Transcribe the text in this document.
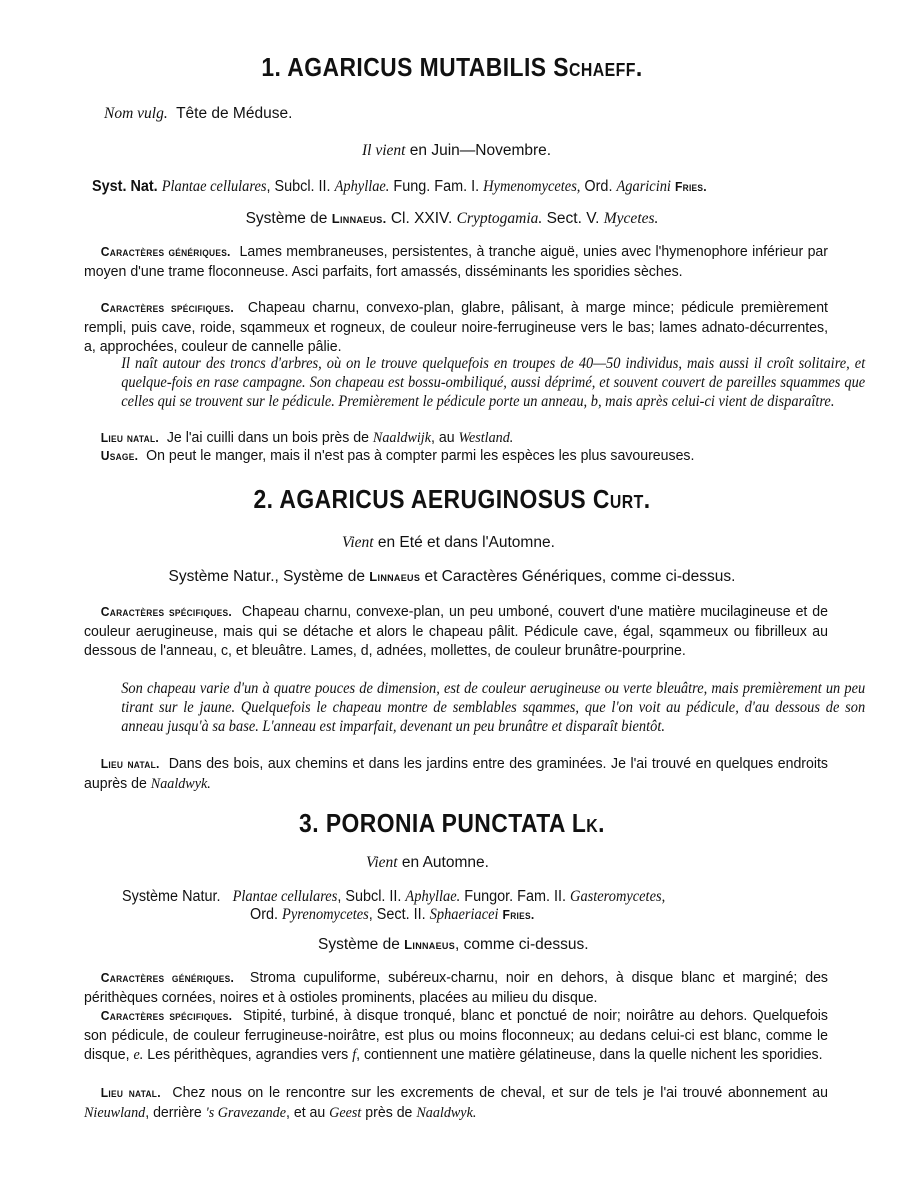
1. AGARICUS MUTABILIS Schaeff.
Nom vulg. Tête de Méduse.
Il vient en Juin—Novembre.
Syst. Nat. Plantae cellulares, Subcl. II. Aphyllae. Fung. Fam. I. Hymenomycetes, Ord. Agaricini Fries.
Système de Linnaeus. Cl. XXIV. Cryptogamia. Sect. V. Mycetes.
Caractères génériques. Lames membraneuses, persistentes, à tranche aiguë, unies avec l'hymenophore inférieur par moyen d'une trame floconneuse. Asci parfaits, fort amassés, disséminants les sporidies sèches.
Caractères spécifiques. Chapeau charnu, convexo-plan, glabre, pâlisant, à marge mince; pédicule premièrement rempli, puis cave, roide, sqammeux et rogneux, de couleur noire-ferrugineuse vers le bas; lames adnato-décurrentes, a, approchées, couleur de cannelle pâlie.
Il naît autour des troncs d'arbres, où on le trouve quelquefois en troupes de 40—50 individus, mais aussi il croît solitaire, et quelque-fois en rase campagne. Son chapeau est bossu-ombiliqué, aussi déprimé, et souvent couvert de pareilles squammes que celles qui se trouvent sur le pédicule. Premièrement le pédicule porte un anneau, b, mais après celui-ci vient de disparaître.
Lieu natal. Je l'ai cuilli dans un bois près de Naaldwijk, au Westland.
Usage. On peut le manger, mais il n'est pas à compter parmi les espèces les plus savoureuses.
2. AGARICUS AERUGINOSUS Curt.
Vient en Eté et dans l'Automne.
Système Natur., Système de Linnaeus et Caractères Génériques, comme ci-dessus.
Caractères spécifiques. Chapeau charnu, convexe-plan, un peu umboné, couvert d'une matière mucilagineuse et de couleur aerugineuse, mais qui se détache et alors le chapeau pâlit. Pédicule cave, égal, sqammeux ou fibrilleux au dessous de l'anneau, c, et bleuâtre. Lames, d, adnées, mollettes, de couleur brunâtre-pourprine.
Son chapeau varie d'un à quatre pouces de dimension, est de couleur aerugineuse ou verte bleuâtre, mais premièrement un peu tirant sur le jaune. Quelquefois le chapeau montre de semblables sqammes, que l'on voit au pédicule, d'au dessous de son anneau jusqu'à sa base. L'anneau est imparfait, devenant un peu brunâtre et disparaît bientôt.
Lieu natal. Dans des bois, aux chemins et dans les jardins entre des graminées. Je l'ai trouvé en quelques endroits auprès de Naaldwyk.
3. PORONIA PUNCTATA Lk.
Vient en Automne.
Système Natur. Plantae cellulares, Subcl. II. Aphyllae. Fungor. Fam. II. Gasteromycetes,
Ord. Pyrenomycetes, Sect. II. Sphaeriacei Fries.
Système de Linnaeus, comme ci-dessus.
Caractères génériques. Stroma cupuliforme, subéreux-charnu, noir en dehors, à disque blanc et marginé; des périthèques cornées, noires et à ostioles prominents, placées au milieu du disque.
Caractères spécifiques. Stipité, turbiné, à disque tronqué, blanc et ponctué de noir; noirâtre au dehors. Quelquefois son pédicule, de couleur ferrugineuse-noirâtre, est plus ou moins floconneux; au dedans celui-ci est blanc, comme le disque, e. Les périthèques, agrandies vers f, contiennent une matière gélatineuse, dans la quelle nichent les sporidies.
Lieu natal. Chez nous on le rencontre sur les excrements de cheval, et sur de tels je l'ai trouvé abonnement au Nieuwland, derrière 's Gravezande, et au Geest près de Naaldwyk.
